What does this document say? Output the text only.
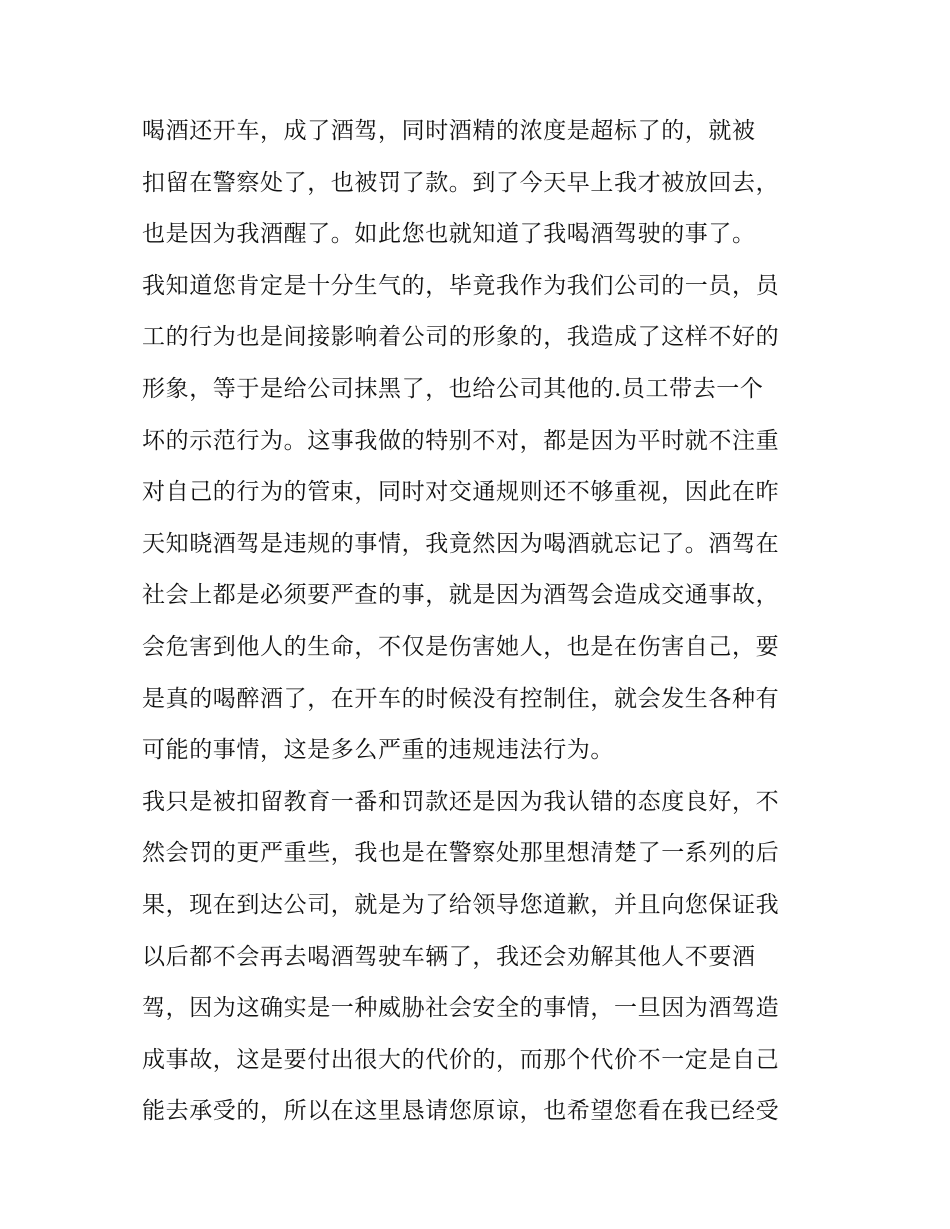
喝酒还开车，成了酒驾，同时酒精的浓度是超标了的，就被
扣留在警察处了，也被罚了款。到了今天早上我才被放回去，
也是因为我酒醒了。如此您也就知道了我喝酒驾驶的事了。
我知道您肯定是十分生气的，毕竟我作为我们公司的一员，员
工的行为也是间接影响着公司的形象的，我造成了这样不好的
形象，等于是给公司抹黑了，也给公司其他的.员工带去一个
坏的示范行为。这事我做的特别不对，都是因为平时就不注重
对自己的行为的管束，同时对交通规则还不够重视，因此在昨
天知晓酒驾是违规的事情，我竟然因为喝酒就忘记了。酒驾在
社会上都是必须要严查的事，就是因为酒驾会造成交通事故，
会危害到他人的生命，不仅是伤害她人，也是在伤害自己，要
是真的喝醉酒了，在开车的时候没有控制住，就会发生各种有
可能的事情，这是多么严重的违规违法行为。
我只是被扣留教育一番和罚款还是因为我认错的态度良好，不
然会罚的更严重些，我也是在警察处那里想清楚了一系列的后
果，现在到达公司，就是为了给领导您道歉，并且向您保证我
以后都不会再去喝酒驾驶车辆了，我还会劝解其他人不要酒
驾，因为这确实是一种威胁社会安全的事情，一旦因为酒驾造
成事故，这是要付出很大的代价的，而那个代价不一定是自己
能去承受的，所以在这里恳请您原谅，也希望您看在我已经受
